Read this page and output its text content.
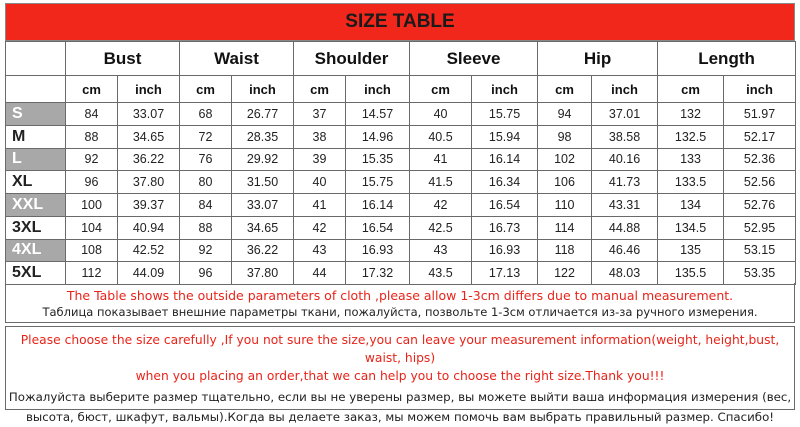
SIZE TABLE
	Bust		Waist		Shoulder		Sleeve		Hip		Length	
	cm	inch	cm	inch	cm	inch	cm	inch	cm	inch	cm	inch
S	84	33.07	68	26.77	37	14.57	40	15.75	94	37.01	132	51.97
M	88	34.65	72	28.35	38	14.96	40.5	15.94	98	38.58	132.5	52.17
L	92	36.22	76	29.92	39	15.35	41	16.14	102	40.16	133	52.36
XL	96	37.80	80	31.50	40	15.75	41.5	16.34	106	41.73	133.5	52.56
XXL	100	39.37	84	33.07	41	16.14	42	16.54	110	43.31	134	52.76
3XL	104	40.94	88	34.65	42	16.54	42.5	16.73	114	44.88	134.5	52.95
4XL	108	42.52	92	36.22	43	16.93	43	16.93	118	46.46	135	53.15
5XL	112	44.09	96	37.80	44	17.32	43.5	17.13	122	48.03	135.5	53.35
The Table shows the outside parameters of cloth ,please allow 1-3cm differs due to manual measurement.
Таблица показывает внешние параметры ткани, пожалуйста, позвольте 1-3см отличается из-за ручного измерения.
Please choose the size carefully ,If you not sure the size,you can leave your measurement information(weight, height,bust, waist, hips)
when you placing an order,that we can help you to choose the right size.Thank you!!!
Пожалуйста выберите размер тщательно, если вы не уверены размер, вы можете выйти ваша информация измерения (вес,
высота, бюст, шкафут, вальмы).Когда вы делаете заказ, мы можем помочь вам выбрать правильный размер. Спасибо!
